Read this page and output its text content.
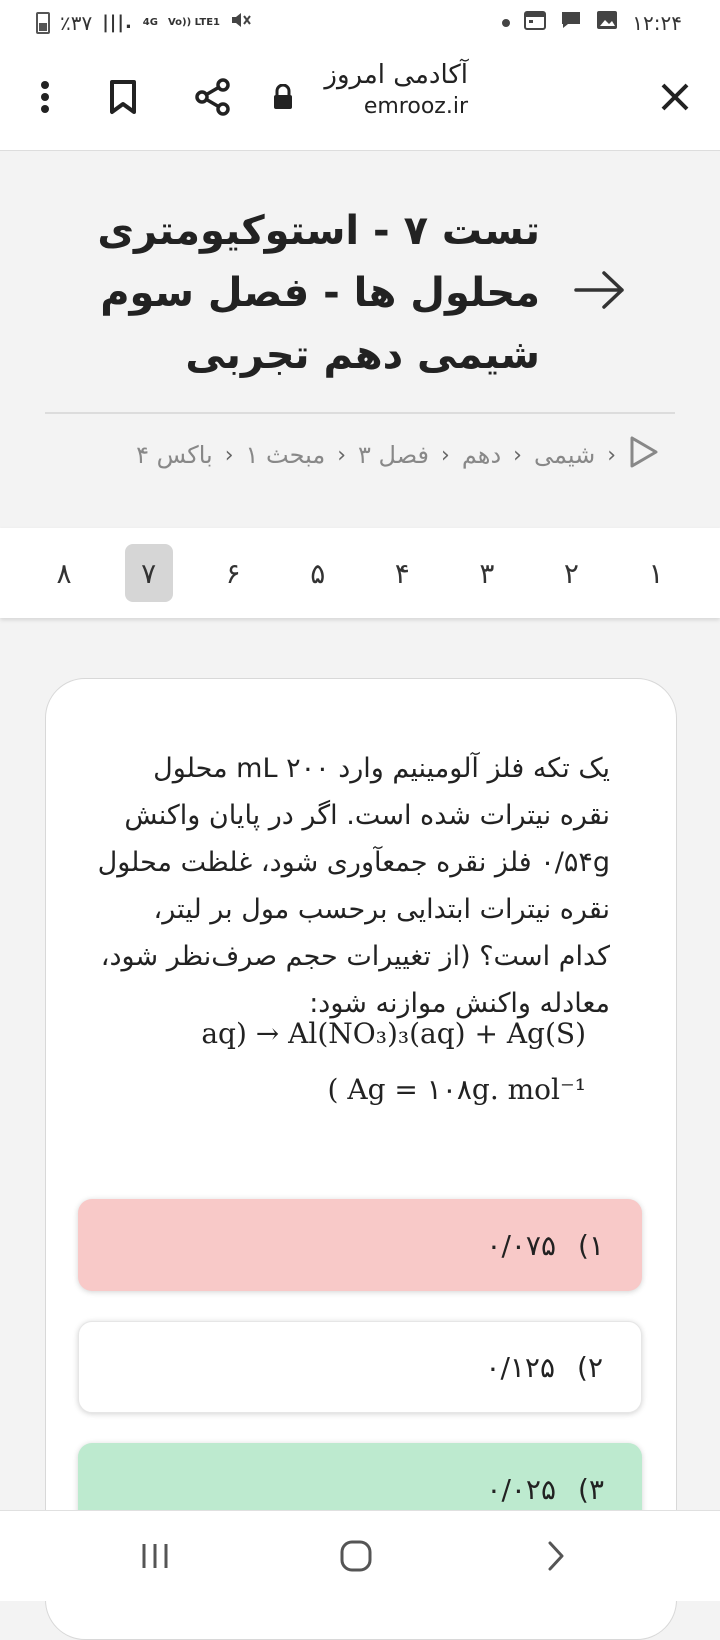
٪۳۷ |||. 4G Vo)) LTE1	۱۲:۲۴
آکادمی امروز
emrooz.ir
تست ۷ - استوکیومتری محلول ها - فصل سوم شیمی دهم تجربی
‹
شیمی
‹
دهم
‹
فصل ۳
‹
مبحث ۱
‹
باکس ۴
۱
۲
۳
۴
۵
۶
۷
۸
یک تکه فلز آلومینیم وارد ۲۰۰ mL محلول نقره نیترات شده است. اگر در پایان واکنش ۰/۵۴g فلز نقره جمعآوری شود، غلظت محلول نقره نیترات ابتدایی برحسب مول بر لیتر، کدام است؟ (از تغییرات حجم صرف‌نظر شود، معادله واکنش موازنه شود:
aq) → Al(NO₃)₃(aq) + Ag(S)
( Ag = ۱۰۸g. mol⁻¹
۱)
۰/۰۷۵
۲)
۰/۱۲۵
۳)
۰/۰۲۵
